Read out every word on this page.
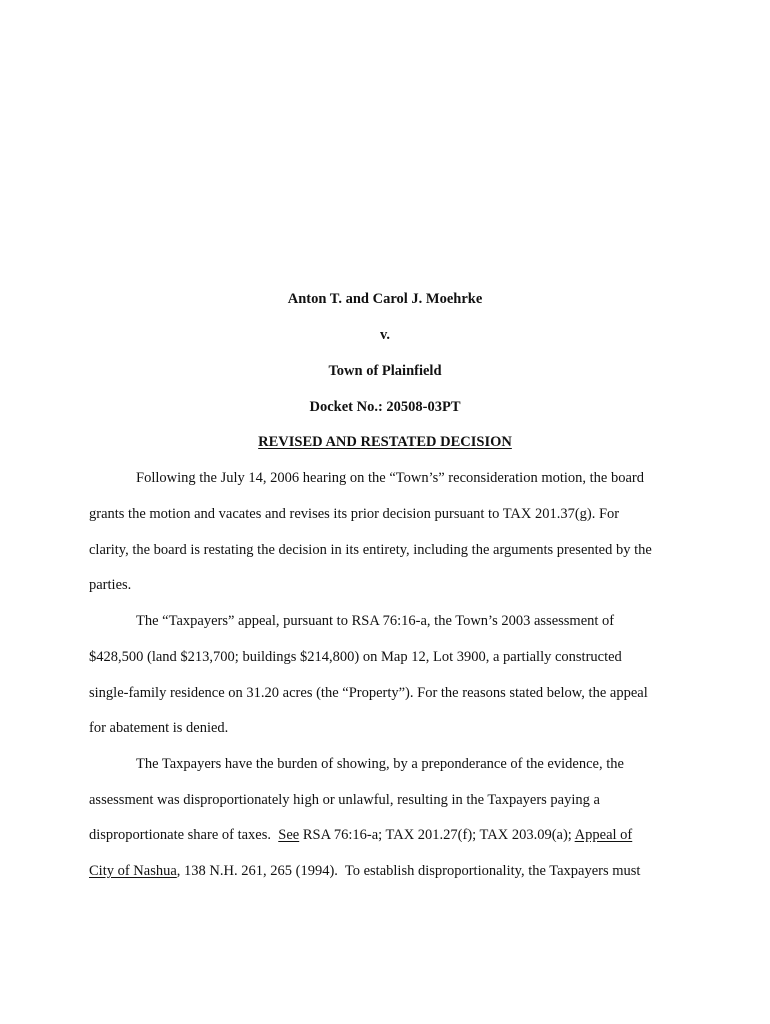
Anton T. and Carol J. Moehrke
v.
Town of Plainfield
Docket No.: 20508-03PT
REVISED AND RESTATED DECISION
Following the July 14, 2006 hearing on the “Town’s” reconsideration motion, the board
grants the motion and vacates and revises its prior decision pursuant to TAX 201.37(g). For
clarity, the board is restating the decision in its entirety, including the arguments presented by the
parties.
The “Taxpayers” appeal, pursuant to RSA 76:16-a, the Town’s 2003 assessment of
$428,500 (land $213,700; buildings $214,800) on Map 12, Lot 3900, a partially constructed
single-family residence on 31.20 acres (the “Property”). For the reasons stated below, the appeal
for abatement is denied.
The Taxpayers have the burden of showing, by a preponderance of the evidence, the
assessment was disproportionately high or unlawful, resulting in the Taxpayers paying a
disproportionate share of taxes.  See RSA 76:16-a; TAX 201.27(f); TAX 203.09(a); Appeal of
City of Nashua, 138 N.H. 261, 265 (1994).  To establish disproportionality, the Taxpayers must
